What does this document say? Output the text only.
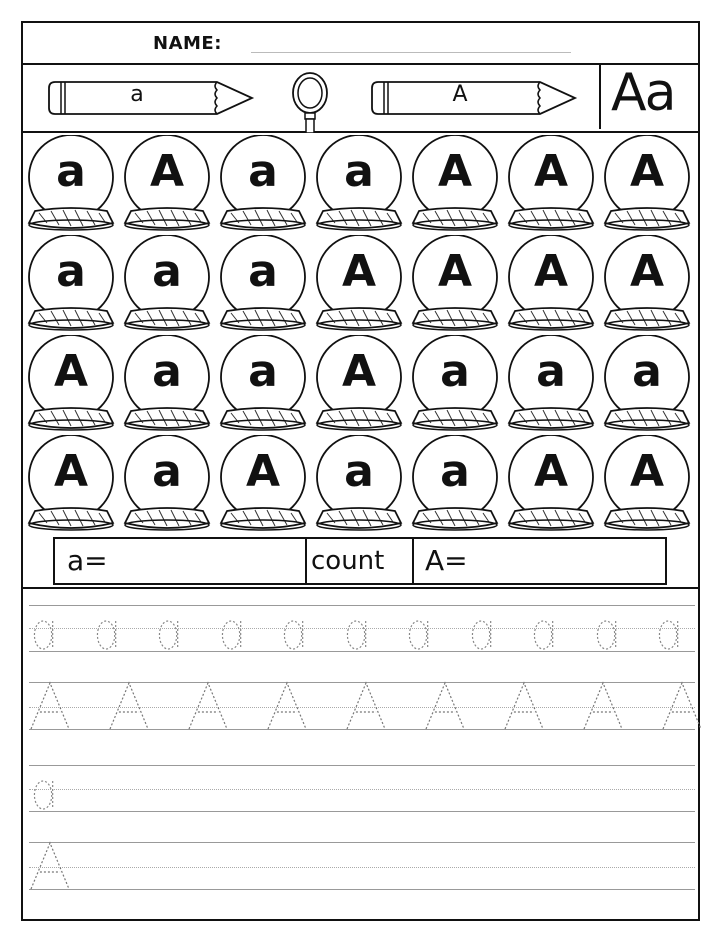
NAME:
a	A	Aa
a	A	a	a	A	A	A
a	a	a	A	A	A	A
A	a	a	A	a	a	a
A	a	A	a	a	A	A
a=	count A=
